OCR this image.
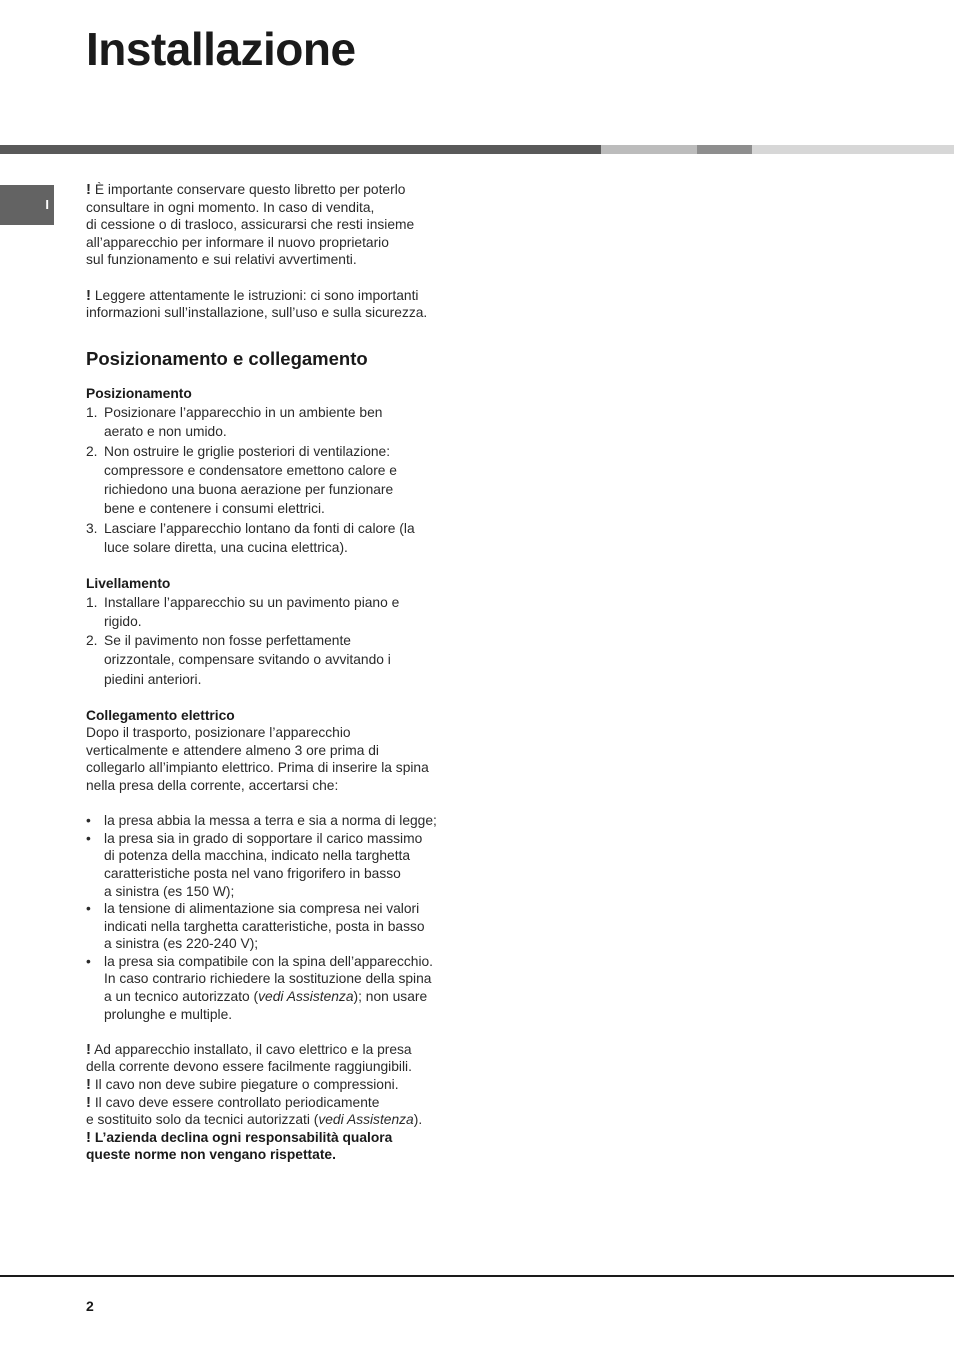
Installazione
I

! È importante conservare questo libretto per poterlo
consultare in ogni momento. In caso di vendita,
di cessione o di trasloco, assicurarsi che resti insieme
all’apparecchio per informare il nuovo proprietario
sul funzionamento e sui relativi avvertimenti.

! Leggere attentamente le istruzioni: ci sono importanti
informazioni sull’installazione, sull’uso e sulla sicurezza.

Posizionamento e collegamento

Posizionamento

1. Posizionare l’apparecchio in un ambiente ben
aerato e non umido.
2. Non ostruire le griglie posteriori di ventilazione:
compressore e condensatore emettono calore e
richiedono una buona aerazione per funzionare
bene e contenere i consumi elettrici.
3. Lasciare l’apparecchio lontano da fonti di calore (la
luce solare diretta, una cucina elettrica).

Livellamento

1. Installare l’apparecchio su un pavimento piano e
rigido.
2. Se il pavimento non fosse perfettamente
orizzontale, compensare svitando o avvitando i
piedini anteriori.

Collegamento elettrico

Dopo il trasporto, posizionare l’apparecchio
verticalmente e attendere almeno 3 ore prima di
collegarlo all’impianto elettrico. Prima di inserire la spina
nella presa della corrente, accertarsi che:

• la presa abbia la messa a terra e sia a norma di legge;
• la presa sia in grado di sopportare il carico massimo
di potenza della macchina, indicato nella targhetta
caratteristiche posta nel vano frigorifero in basso
a sinistra (es 150 W);
• la tensione di alimentazione sia compresa nei valori
indicati nella targhetta caratteristiche, posta in basso
a sinistra (es 220-240 V);
• la presa sia compatibile con la spina dell’apparecchio.
In caso contrario richiedere la sostituzione della spina
a un tecnico autorizzato (vedi Assistenza); non usare
prolunghe e multiple.

! Ad apparecchio installato, il cavo elettrico e la presa
della corrente devono essere facilmente raggiungibili.

! Il cavo non deve subire piegature o compressioni.

! Il cavo deve essere controllato periodicamente
e sostituito solo da tecnici autorizzati (vedi Assistenza).

! L’azienda declina ogni responsabilità qualora
queste norme non vengano rispettate.

2
